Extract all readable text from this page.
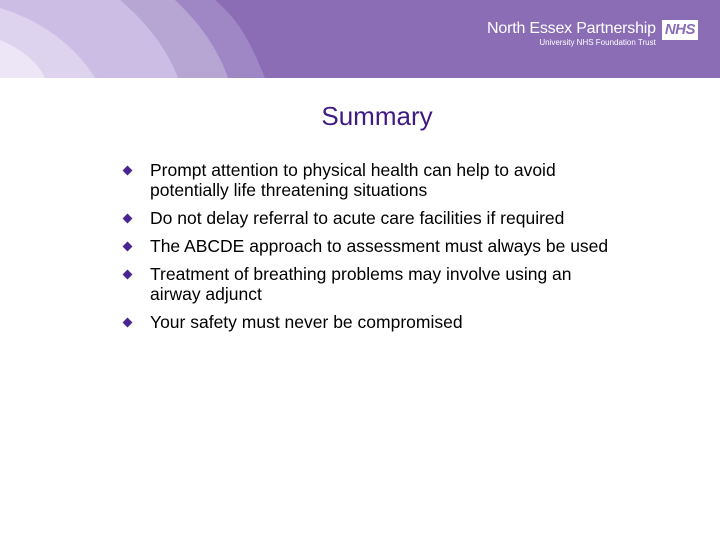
North Essex Partnership
University NHS Foundation Trust
NHS
Summary
Prompt attention to physical health can help to avoid potentially life threatening situations
Do not delay referral to acute care facilities if required
The ABCDE approach to assessment must always be used
Treatment of breathing problems may involve using an airway adjunct
Your safety must never be compromised
